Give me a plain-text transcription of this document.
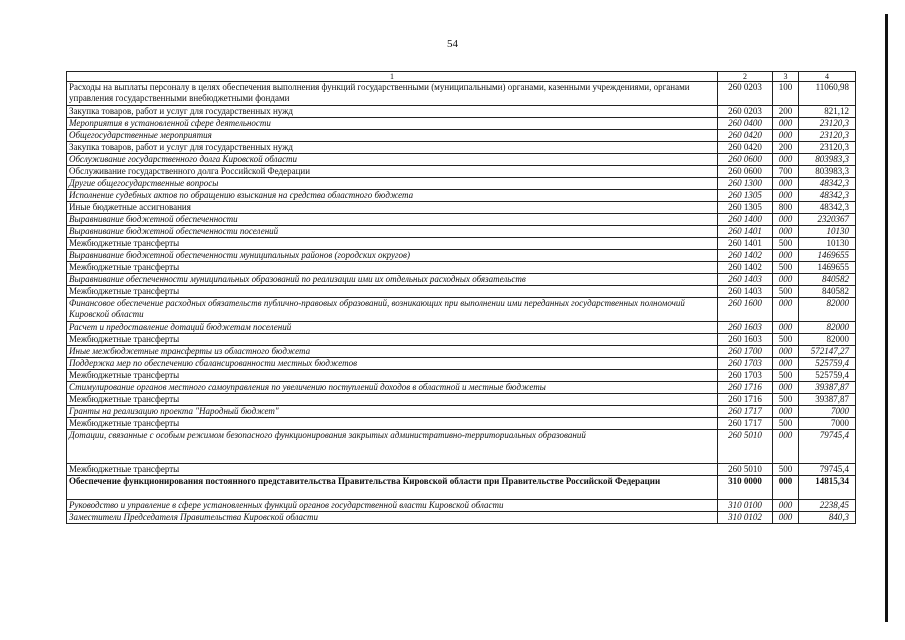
54
1	2	3	4
Расходы на выплаты персоналу в целях обеспечения выполнения функций государственными (муниципальными) органами, казенными учреждениями, органами управления государственными внебюджетными фондами	260 0203	100	11060,98
Закупка товаров, работ и услуг для государственных нужд	260 0203	200	821,12
Мероприятия в установленной сфере деятельности	260 0400	000	23120,3
Общегосударственные мероприятия	260 0420	000	23120,3
Закупка товаров, работ и услуг для государственных нужд	260 0420	200	23120,3
Обслуживание государственного долга Кировской области	260 0600	000	803983,3
Обслуживание государственного долга Российской Федерации	260 0600	700	803983,3
Другие общегосударственные вопросы	260 1300	000	48342,3
Исполнение судебных актов по обращению взыскания на средства областного бюджета	260 1305	000	48342,3
Иные бюджетные ассигнования	260 1305	800	48342,3
Выравнивание бюджетной обеспеченности	260 1400	000	2320367
Выравнивание бюджетной обеспеченности поселений	260 1401	000	10130
Межбюджетные трансферты	260 1401	500	10130
Выравнивание бюджетной обеспеченности муниципальных районов (городских округов)	260 1402	000	1469655
Межбюджетные трансферты	260 1402	500	1469655
Выравнивание обеспеченности муниципальных образований по реализации ими их отдельных расходных обязательств	260 1403	000	840582
Межбюджетные трансферты	260 1403	500	840582
Финансовое обеспечение расходных обязательств публично-правовых образований, возникающих при выполнении ими переданных государственных полномочий Кировской области	260 1600	000	82000
Расчет и предоставление дотаций бюджетам поселений	260 1603	000	82000
Межбюджетные трансферты	260 1603	500	82000
Иные межбюджетные трансферты из областного бюджета	260 1700	000	572147,27
Поддержка мер по обеспечению сбалансированности местных бюджетов	260 1703	000	525759,4
Межбюджетные трансферты	260 1703	500	525759,4
Стимулирование органов местного самоуправления по увеличению поступлений доходов в областной и местные бюджеты	260 1716	000	39387,87
Межбюджетные трансферты	260 1716	500	39387,87
Гранты на реализацию проекта "Народный бюджет"	260 1717	000	7000
Межбюджетные трансферты	260 1717	500	7000
Дотации, связанные с особым режимом безопасного функционирования закрытых административно-территориальных образований	260 5010	000	79745,4
Межбюджетные трансферты	260 5010	500	79745,4
Обеспечение функционирования постоянного представительства Правительства Кировской области при Правительстве Российской Федерации	310 0000	000	14815,34
Руководство и управление в сфере установленных функций органов государственной власти Кировской области	310 0100	000	2238,45
Заместители Председателя Правительства Кировской области	310 0102	000	840,3
